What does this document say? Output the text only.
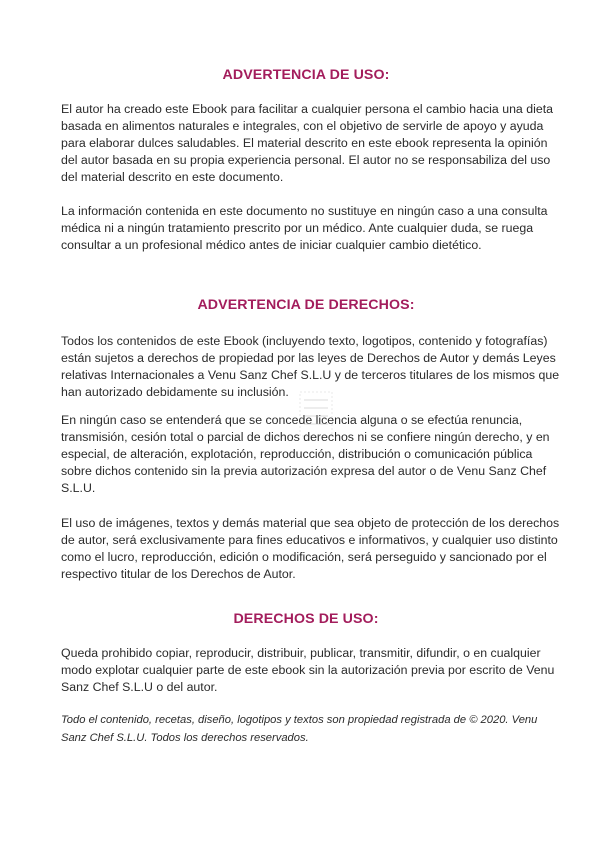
ADVERTENCIA DE USO:
El autor ha creado este Ebook para facilitar a cualquier persona el cambio hacia una dieta basada en alimentos naturales e integrales, con el objetivo de servirle de apoyo y ayuda para elaborar dulces saludables. El material descrito en este ebook representa la opinión del autor basada en su propia experiencia personal. El autor no se responsabiliza del uso del material descrito en este documento.
La información contenida en este documento no sustituye en ningún caso a una consulta médica ni a ningún tratamiento prescrito por un médico. Ante cualquier duda, se ruega consultar a un profesional médico antes de iniciar cualquier cambio dietético.
ADVERTENCIA DE DERECHOS:
Todos los contenidos de este Ebook (incluyendo texto, logotipos, contenido y fotografías) están sujetos a derechos de propiedad por las leyes de Derechos de Autor y demás Leyes relativas Internacionales a Venu Sanz Chef S.L.U y de terceros titulares de los mismos que han autorizado debidamente su inclusión.
En ningún caso se entenderá que se concede licencia alguna o se efectúa renuncia, transmisión, cesión total o parcial de dichos derechos ni se confiere ningún derecho, y en especial, de alteración, explotación, reproducción, distribución o comunicación pública sobre dichos contenido sin la previa autorización expresa del autor o de Venu Sanz Chef S.L.U.
El uso de imágenes, textos y demás material que sea objeto de protección de los derechos de autor, será exclusivamente para fines educativos e informativos, y cualquier uso distinto como el lucro, reproducción, edición o modificación, será perseguido y sancionado por el respectivo titular de los Derechos de Autor.
DERECHOS DE USO:
Queda prohibido copiar, reproducir, distribuir, publicar, transmitir, difundir, o en cualquier modo explotar cualquier parte de este ebook sin la autorización previa por escrito de Venu Sanz Chef S.L.U o del autor.
Todo el contenido, recetas, diseño, logotipos y textos son propiedad registrada de © 2020. Venu Sanz Chef S.L.U. Todos los derechos reservados.
